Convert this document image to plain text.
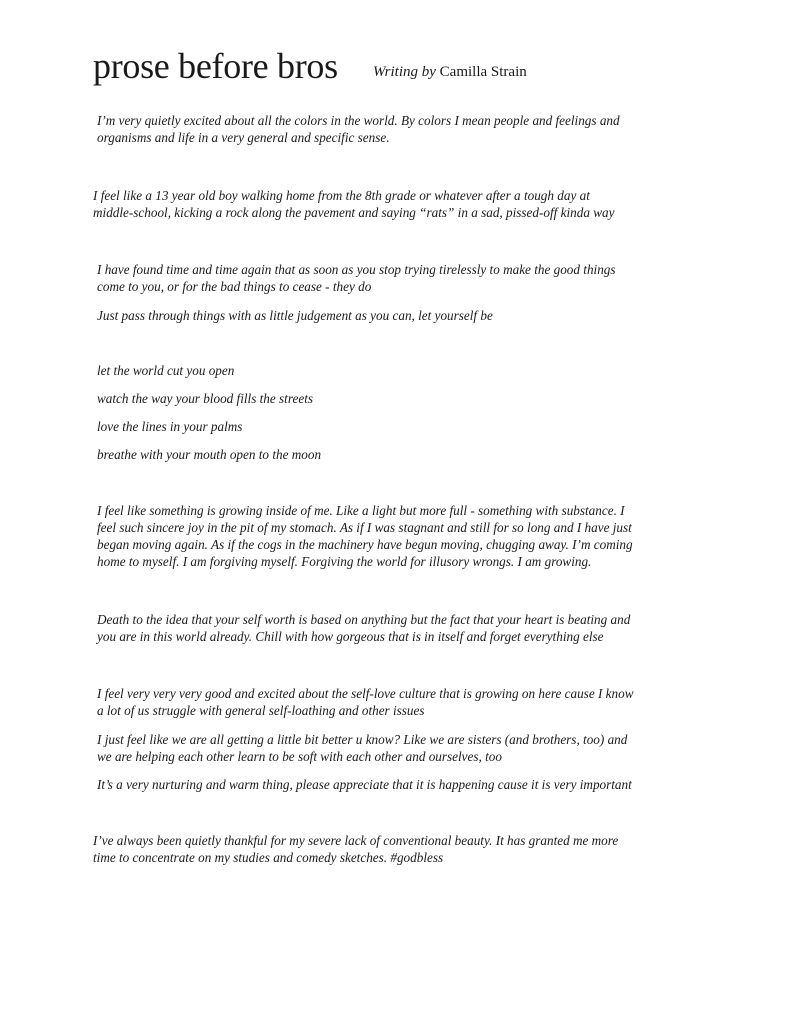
prose before bros Writing by Camilla Strain

I’m very quietly excited about all the colors in the world. By colors I mean people and feelings and
organisms and life in a very general and specific sense.

I feel like a 13 year old boy walking home from the 8th grade or whatever after a tough day at
middle-school, kicking a rock along the pavement and saying “rats” in a sad, pissed-off kinda way

I have found time and time again that as soon as you stop trying tirelessly to make the good things
come to you, or for the bad things to cease - they do

Just pass through things with as little judgement as you can, let yourself be

let the world cut you open

watch the way your blood fills the streets

love the lines in your palms

breathe with your mouth open to the moon

I feel like something is growing inside of me. Like a light but more full - something with substance. I
feel such sincere joy in the pit of my stomach. As if I was stagnant and still for so long and I have just
began moving again. As if the cogs in the machinery have begun moving, chugging away. I’m coming
home to myself. I am forgiving myself. Forgiving the world for illusory wrongs. I am growing.

Death to the idea that your self worth is based on anything but the fact that your heart is beating and
you are in this world already. Chill with how gorgeous that is in itself and forget everything else

I feel very very very good and excited about the self-love culture that is growing on here cause I know
a lot of us struggle with general self-loathing and other issues

I just feel like we are all getting a little bit better u know? Like we are sisters (and brothers, too) and
we are helping each other learn to be soft with each other and ourselves, too

It’s a very nurturing and warm thing, please appreciate that it is happening cause it is very important

I’ve always been quietly thankful for my severe lack of conventional beauty. It has granted me more
time to concentrate on my studies and comedy sketches. #godbless
